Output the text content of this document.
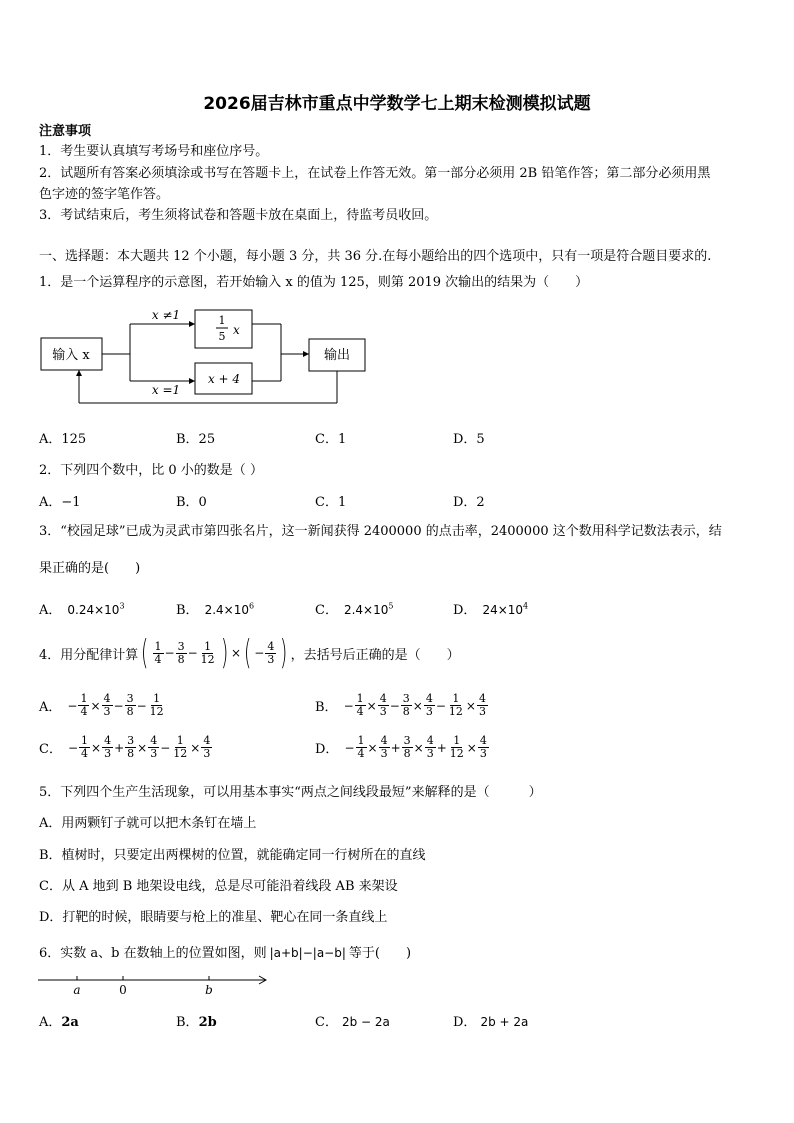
2026届吉林市重点中学数学七上期末检测模拟试题
注意事项
1．考生要认真填写考场号和座位序号。
2．试题所有答案必须填涂或书写在答题卡上，在试卷上作答无效。第一部分必须用 2B 铅笔作答；第二部分必须用黑
色字迹的签字笔作答。
3．考试结束后，考生须将试卷和答题卡放在桌面上，待监考员收回。
一、选择题：本大题共 12 个小题，每小题 3 分，共 36 分.在每小题给出的四个选项中，只有一项是符合题目要求的.
1．是一个运算程序的示意图，若开始输入 x 的值为 125，则第 2019 次输出的结果为（　　）
输入 x
x ≠1
x =1
1
5 x
x + 4
输出
A．125	B．25	C．1	D．5
2．下列四个数中，比 0 小的数是（ ）
A．−1	B．0	C．1	D．2
3．“校园足球”已成为灵武市第四张名片，这一新闻获得 2400000 的点击率，2400000 这个数用科学记数法表示，结
果正确的是(　　)
A． $0.24\times 10^3$	B． $2.4\times 10^6$	C． $2.4\times 10^5$	D． $24\times 10^4$
4．用分配律计算 ( $\frac{1}{4} - \frac{3}{8} - \frac{1}{12}$ ) × ( − $\frac{4}{3}$ ) ，去括号后正确的是（　　）
A． − $\frac{1}{4} \times \frac{4}{3} - \frac{3}{8} - \frac{1}{12}$	B． − $\frac{1}{4} \times \frac{4}{3} - \frac{3}{8} \times \frac{4}{3} - \frac{1}{12} \times \frac{4}{3}$
C． − $\frac{1}{4} \times \frac{4}{3} + \frac{3}{8} \times \frac{4}{3} - \frac{1}{12} \times \frac{4}{3}$	D． − $\frac{1}{4} \times \frac{4}{3} + \frac{3}{8} \times \frac{4}{3} + \frac{1}{12} \times \frac{4}{3}$
5．下列四个生产生活现象，可以用基本事实“两点之间线段最短”来解释的是（　　　）
A．用两颗钉子就可以把木条钉在墙上
B．植树时，只要定出两棵树的位置，就能确定同一行树所在的直线
C．从 A 地到 B 地架设电线，总是尽可能沿着线段 AB 来架设
D．打靶的时候，眼睛要与枪上的准星、靶心在同一条直线上
6．实数 a、b 在数轴上的位置如图，则 |a+b|−|a−b| 等于(　　)
a	0	b
A．2a	B．2b	C． 2b − 2a	D． 2b + 2a
